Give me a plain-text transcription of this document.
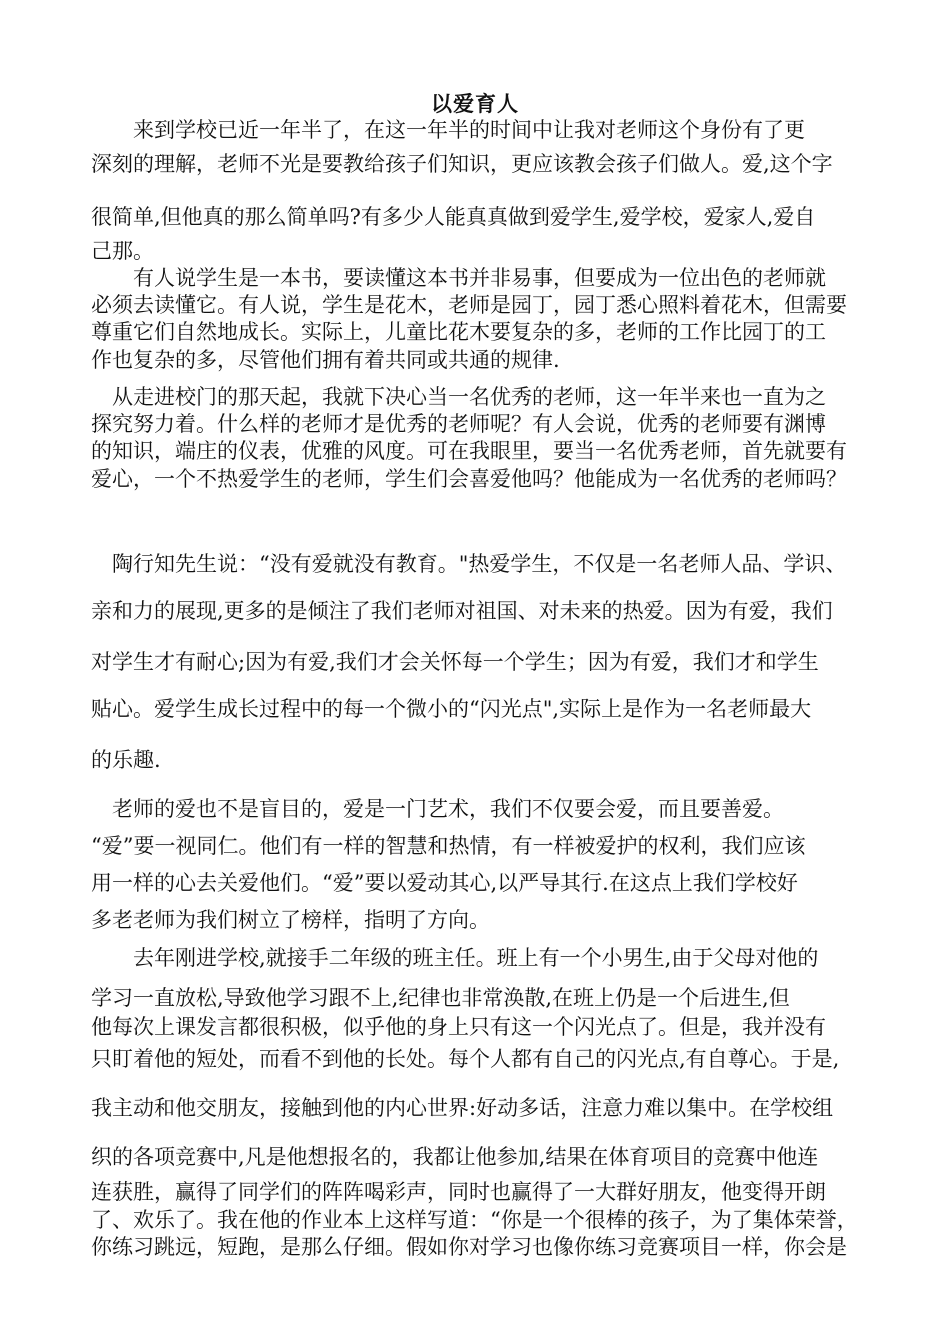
以爱育人
　　来到学校已近一年半了，在这一年半的时间中让我对老师这个身份有了更
深刻的理解，老师不光是要教给孩子们知识，更应该教会孩子们做人。爱,这个字
很简单,但他真的那么简单吗?有多少人能真真做到爱学生,爱学校，爱家人,爱自
己那。
　　有人说学生是一本书，要读懂这本书并非易事，但要成为一位出色的老师就
必须去读懂它。有人说，学生是花木，老师是园丁，园丁悉心照料着花木，但需要
尊重它们自然地成长。实际上，儿童比花木要复杂的多，老师的工作比园丁的工
作也复杂的多，尽管他们拥有着共同或共通的规律.
　从走进校门的那天起，我就下决心当一名优秀的老师，这一年半来也一直为之
探究努力着。什么样的老师才是优秀的老师呢？有人会说，优秀的老师要有渊博
的知识，端庄的仪表，优雅的风度。可在我眼里，要当一名优秀老师，首先就要有
爱心，一个不热爱学生的老师，学生们会喜爱他吗？他能成为一名优秀的老师吗？
　陶行知先生说：“没有爱就没有教育。"热爱学生，不仅是一名老师人品、学识、
亲和力的展现,更多的是倾注了我们老师对祖国、对未来的热爱。因为有爱，我们
对学生才有耐心;因为有爱,我们才会关怀每一个学生；因为有爱，我们才和学生
贴心。爱学生成长过程中的每一个微小的“闪光点",实际上是作为一名老师最大
的乐趣.
　老师的爱也不是盲目的，爱是一门艺术，我们不仅要会爱，而且要善爱。
“爱”要一视同仁。他们有一样的智慧和热情，有一样被爱护的权利，我们应该
用一样的心去关爱他们。“爱”要以爱动其心,以严导其行.在这点上我们学校好
多老老师为我们树立了榜样，指明了方向。
　　去年刚进学校,就接手二年级的班主任。班上有一个小男生,由于父母对他的
学习一直放松,导致他学习跟不上,纪律也非常涣散,在班上仍是一个后进生,但
他每次上课发言都很积极，似乎他的身上只有这一个闪光点了。但是，我并没有
只盯着他的短处，而看不到他的长处。每个人都有自己的闪光点,有自尊心。于是,
我主动和他交朋友，接触到他的内心世界:好动多话，注意力难以集中。在学校组
织的各项竞赛中,凡是他想报名的，我都让他参加,结果在体育项目的竞赛中他连
连获胜，赢得了同学们的阵阵喝彩声，同时也赢得了一大群好朋友，他变得开朗
了、欢乐了。我在他的作业本上这样写道：“你是一个很棒的孩子，为了集体荣誉，
你练习跳远，短跑，是那么仔细。假如你对学习也像你练习竞赛项目一样，你会是
